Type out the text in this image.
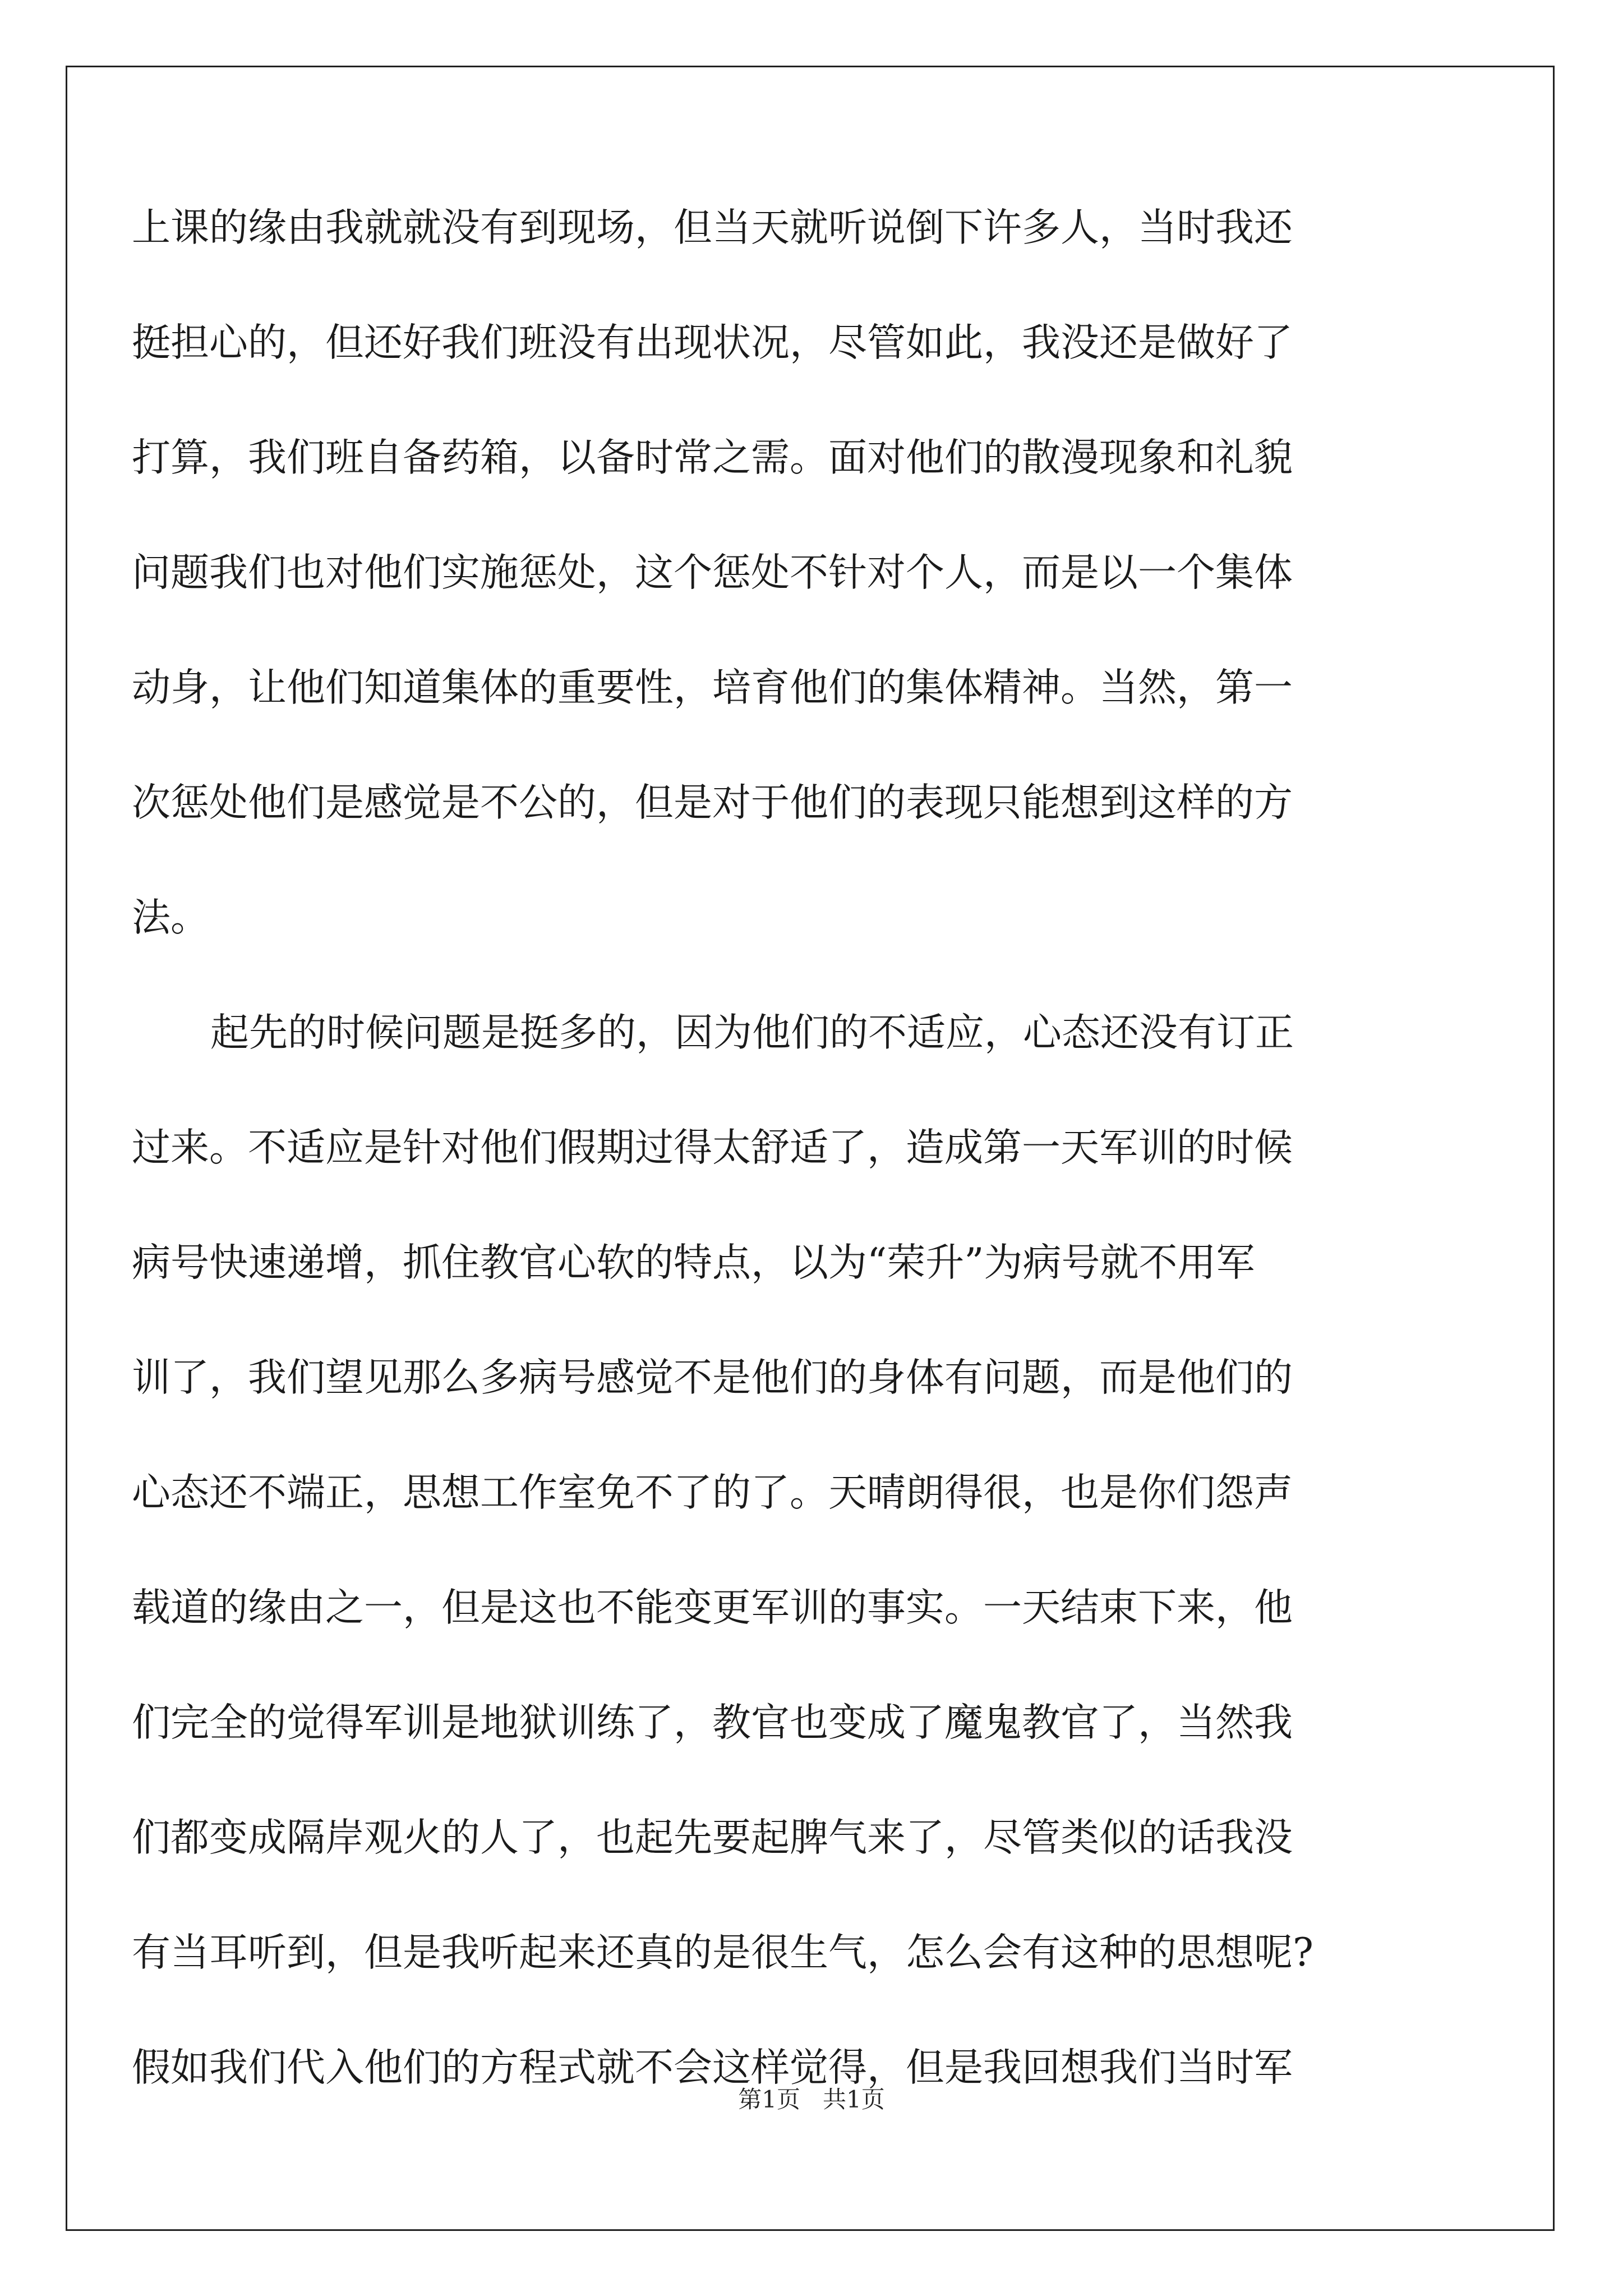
上课的缘由我就就没有到现场，但当天就听说倒下许多人，当时我还
挺担心的，但还好我们班没有出现状况，尽管如此，我没还是做好了
打算，我们班自备药箱，以备时常之需。面对他们的散漫现象和礼貌
问题我们也对他们实施惩处，这个惩处不针对个人，而是以一个集体
动身，让他们知道集体的重要性，培育他们的集体精神。当然，第一
次惩处他们是感觉是不公的，但是对于他们的表现只能想到这样的方
法。
起先的时候问题是挺多的，因为他们的不适应，心态还没有订正
过来。不适应是针对他们假期过得太舒适了，造成第一天军训的时候
病号快速递增，抓住教官心软的特点，以为“荣升”为病号就不用军
训了，我们望见那么多病号感觉不是他们的身体有问题，而是他们的
心态还不端正，思想工作室免不了的了。天晴朗得很，也是你们怨声
载道的缘由之一，但是这也不能变更军训的事实。一天结束下来，他
们完全的觉得军训是地狱训练了，教官也变成了魔鬼教官了，当然我
们都变成隔岸观火的人了，也起先要起脾气来了，尽管类似的话我没
有当耳听到，但是我听起来还真的是很生气，怎么会有这种的思想呢?
假如我们代入他们的方程式就不会这样觉得，但是我回想我们当时军
第1页   共1页
